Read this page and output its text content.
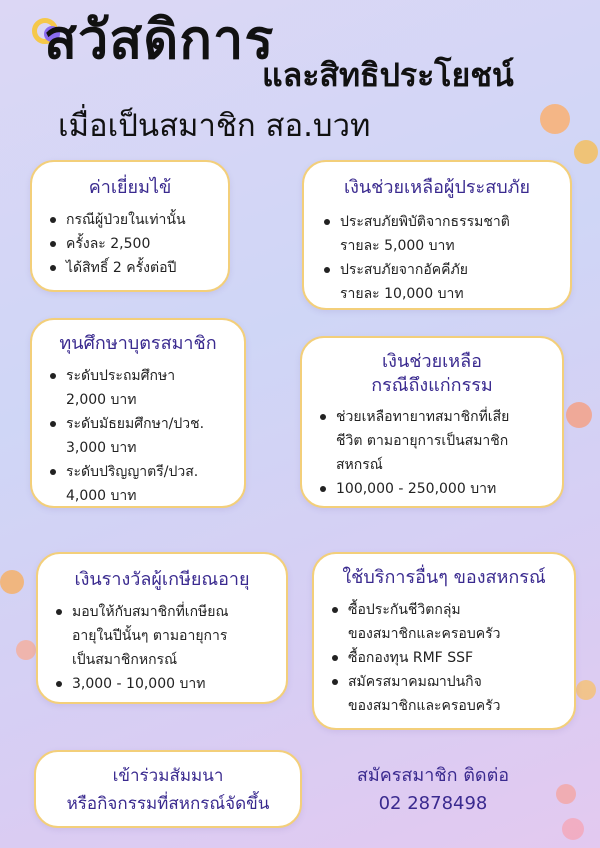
สวัสดิการ
และสิทธิประโยชน์
เมื่อเป็นสมาชิก สอ.บวท
ค่าเยี่ยมไข้
กรณีผู้ป่วยในเท่านั้น
ครั้งละ 2,500
ได้สิทธิ์ 2 ครั้งต่อปี
เงินช่วยเหลือผู้ประสบภัย
ประสบภัยพิบัติจากธรรมชาติ
รายละ 5,000 บาท
ประสบภัยจากอัคคีภัย
รายละ 10,000 บาท
ทุนศึกษาบุตรสมาชิก
ระดับประถมศึกษา
2,000 บาท
ระดับมัธยมศึกษา/ปวช.
3,000 บาท
ระดับปริญญาตรี/ปวส.
4,000 บาท
เงินช่วยเหลือ
กรณีถึงแก่กรรม
ช่วยเหลือทายาทสมาชิกที่เสีย
ชีวิต ตามอายุการเป็นสมาชิก
สหกรณ์
100,000 - 250,000 บาท
เงินรางวัลผู้เกษียณอายุ
มอบให้กับสมาชิกที่เกษียณ
อายุในปีนั้นๆ ตามอายุการ
เป็นสมาชิกหกรณ์
3,000 - 10,000 บาท
ใช้บริการอื่นๆ ของสหกรณ์
ซื้อประกันชีวิตกลุ่ม
ของสมาชิกและครอบครัว
ซื้อกองทุน RMF SSF
สมัครสมาคมฌาปนกิจ
ของสมาชิกและครอบครัว
เข้าร่วมสัมมนา
หรือกิจกรรมที่สหกรณ์จัดขึ้น
สมัครสมาชิก ติดต่อ
02 2878498
